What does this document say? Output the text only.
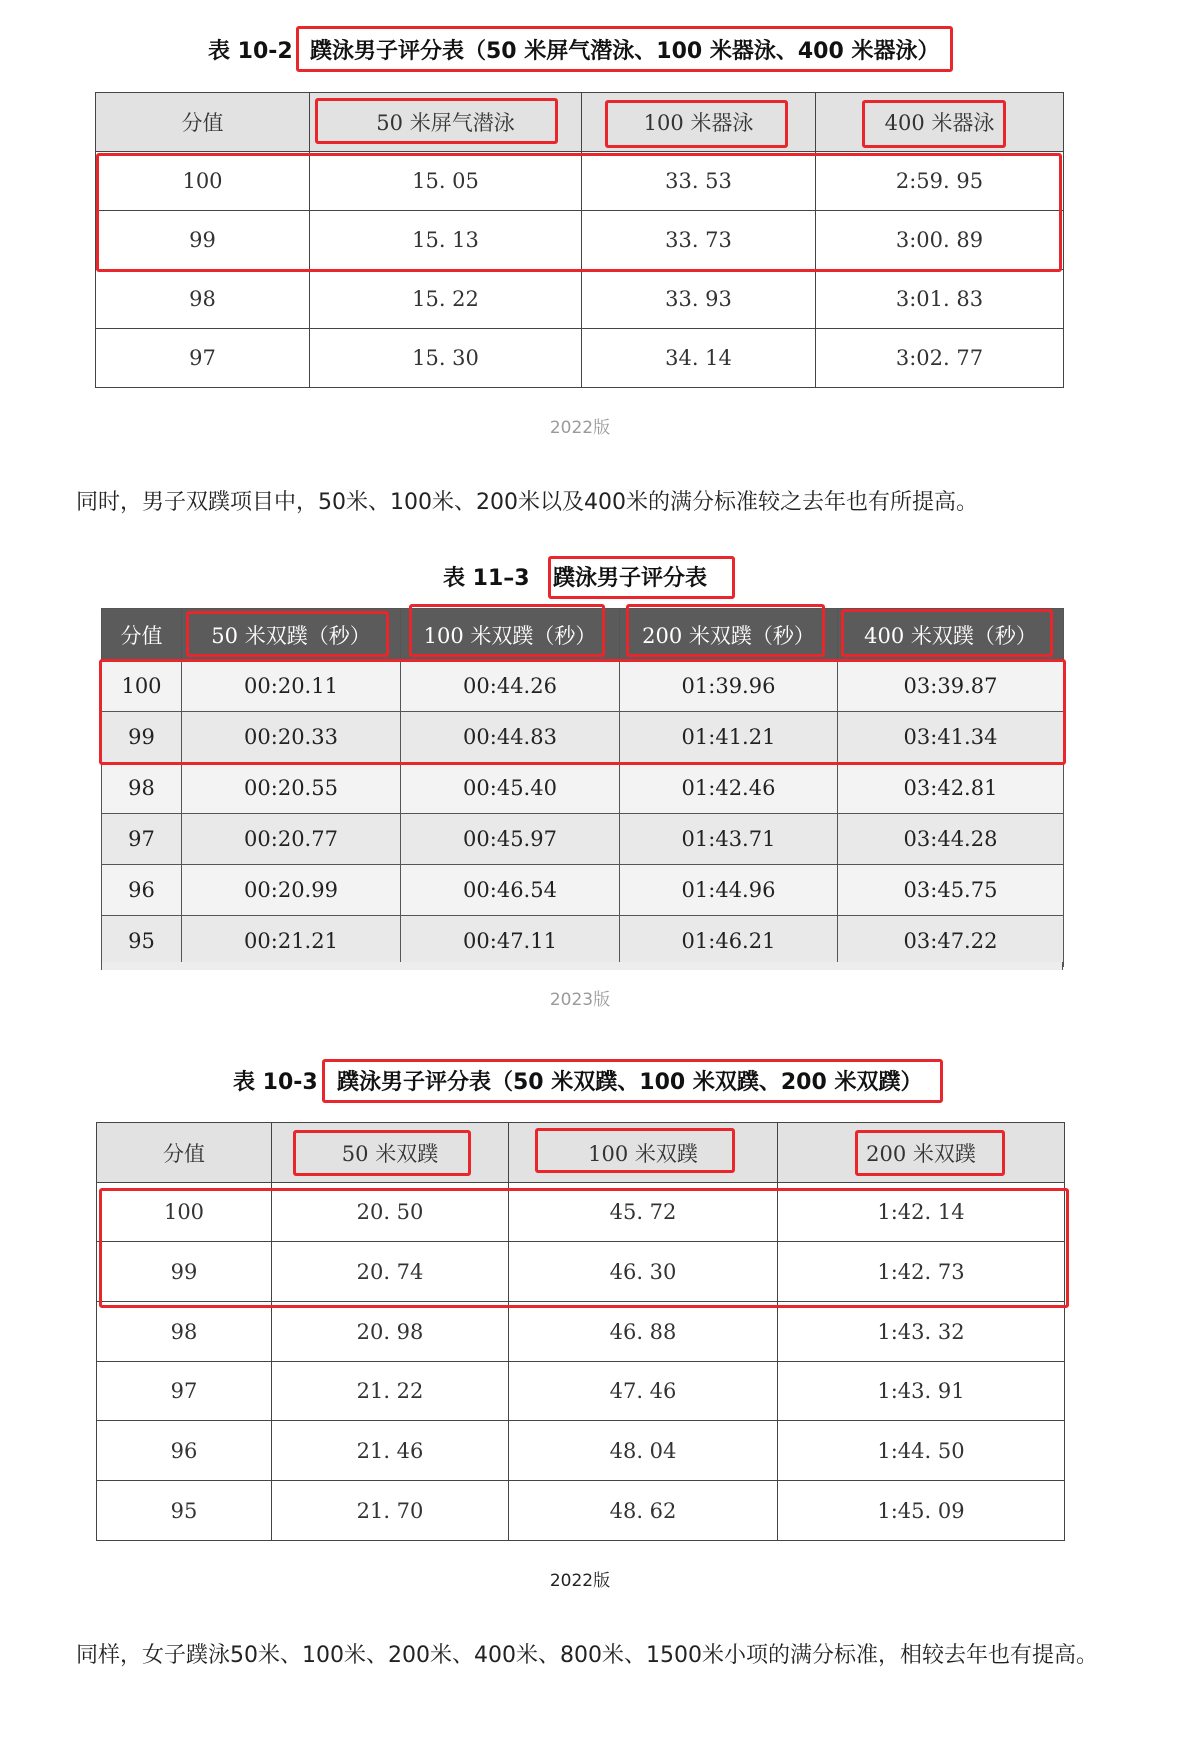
表 10-2 蹼泳男子评分表（50 米屏气潜泳、100 米器泳、400 米器泳）
分值	50 米屏气潜泳	100 米器泳	400 米器泳
100	15. 05	33. 53	2:59. 95
99	15. 13	33. 73	3:00. 89
98	15. 22	33. 93	3:01. 83
97	15. 30	34. 14	3:02. 77
2022版
同时，男子双蹼项目中，50米、100米、200米以及400米的满分标准较之去年也有所提高。
表 11–3 蹼泳男子评分表
分值	50 米双蹼（秒）	100 米双蹼（秒）	200 米双蹼（秒）	400 米双蹼（秒）
100	00:20.11	00:44.26	01:39.96	03:39.87
99	00:20.33	00:44.83	01:41.21	03:41.34
98	00:20.55	00:45.40	01:42.46	03:42.81
97	00:20.77	00:45.97	01:43.71	03:44.28
96	00:20.99	00:46.54	01:44.96	03:45.75
95	00:21.21	00:47.11	01:46.21	03:47.22
2023版
表 10-3 蹼泳男子评分表（50 米双蹼、100 米双蹼、200 米双蹼）
分值	50 米双蹼	100 米双蹼	200 米双蹼
100	20. 50	45. 72	1:42. 14
99	20. 74	46. 30	1:42. 73
98	20. 98	46. 88	1:43. 32
97	21. 22	47. 46	1:43. 91
96	21. 46	48. 04	1:44. 50
95	21. 70	48. 62	1:45. 09
2022版
同样，女子蹼泳50米、100米、200米、400米、800米、1500米小项的满分标准，相较去年也有提高。
